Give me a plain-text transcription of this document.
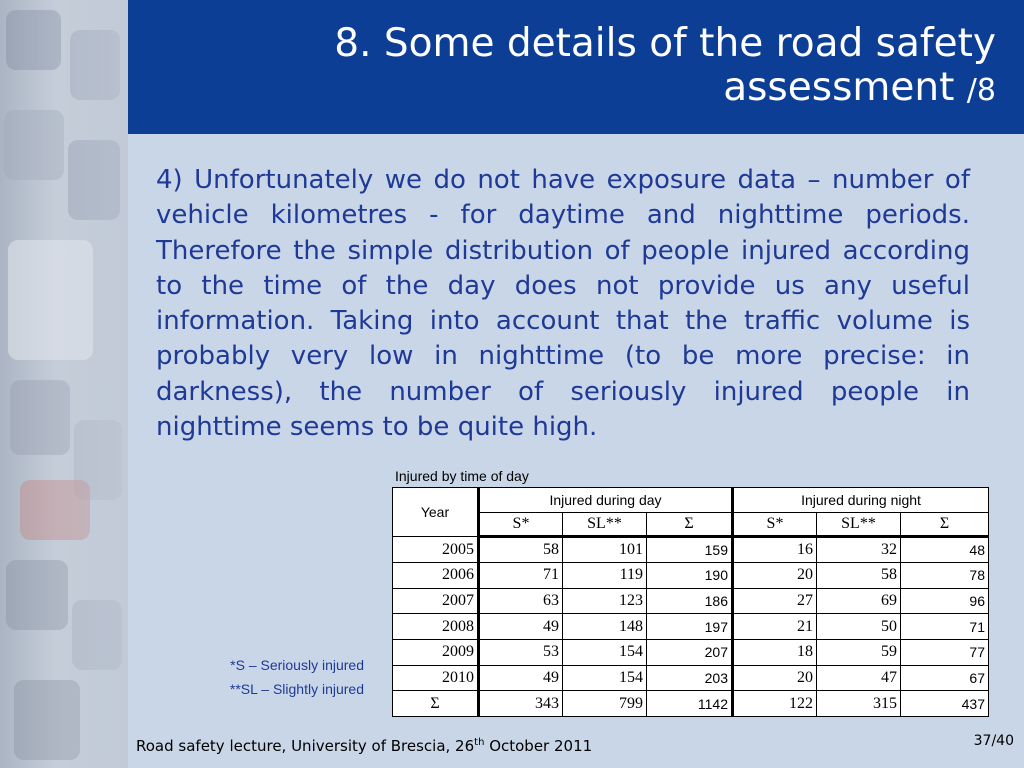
8. Some details of the road safety assessment /8
4) Unfortunately we do not have exposure data – number of vehicle kilometres - for daytime and nighttime periods. Therefore the simple distribution of people injured according to the time of the day does not provide us any useful information. Taking into account that the traffic volume is probably very low in nighttime (to be more precise: in darkness), the number of seriously injured people in nighttime seems to be quite high.
Injured by time of day
Year	Injured during day			Injured during night		
	S*	SL**	Σ	S*	SL**	Σ
2005	58	101	159	16	32	48
2006	71	119	190	20	58	78
2007	63	123	186	27	69	96
2008	49	148	197	21	50	71
2009	53	154	207	18	59	77
2010	49	154	203	20	47	67
Σ	343	799	1142	122	315	437
*S – Seriously injured
**SL – Slightly injured
Road safety lecture, University of Brescia, 26th October 2011	37/40
